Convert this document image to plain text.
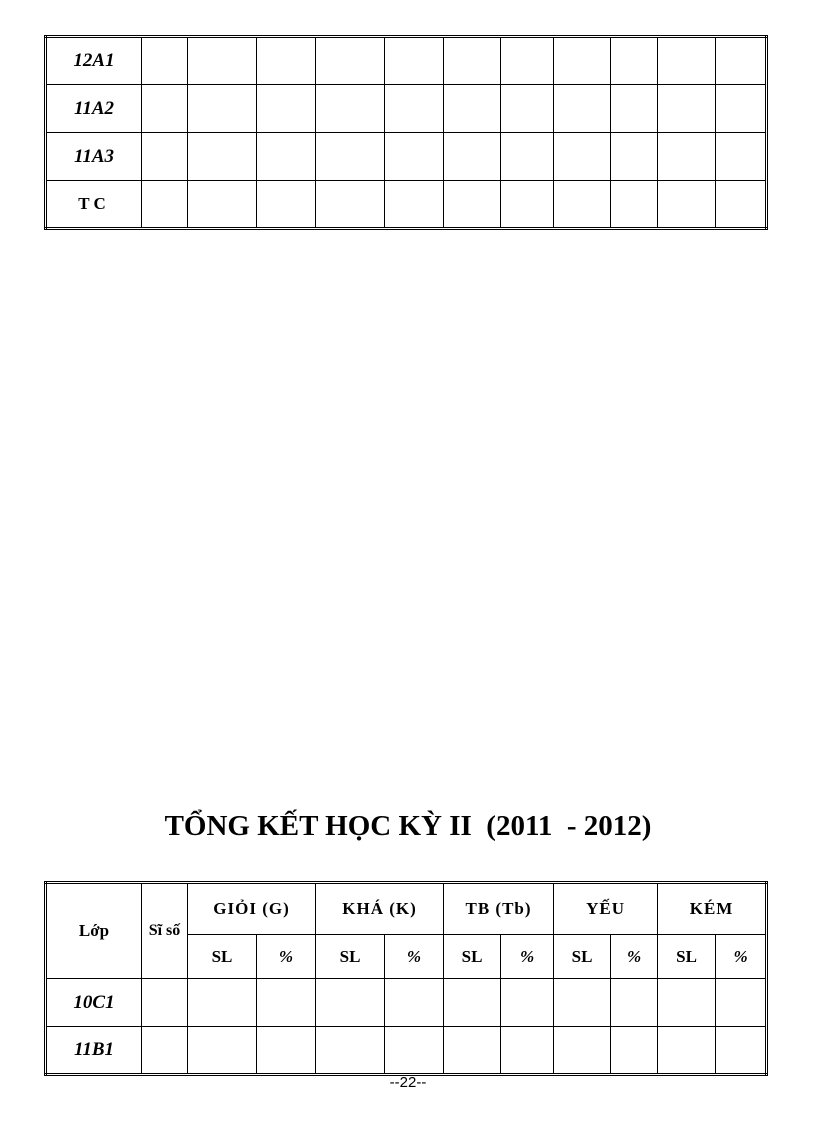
12A1											
11A2											
11A3											
TC											
TỔNG KẾT HỌC KỲ II  (2011  - 2012)
Lớp	Sĩ số	GIỎI (G)		KHÁ (K)		TB (Tb)		YẾU		KÉM	
		SL	%	SL	%	SL	%	SL	%	SL	%
10C1											
11B1											
--22--
